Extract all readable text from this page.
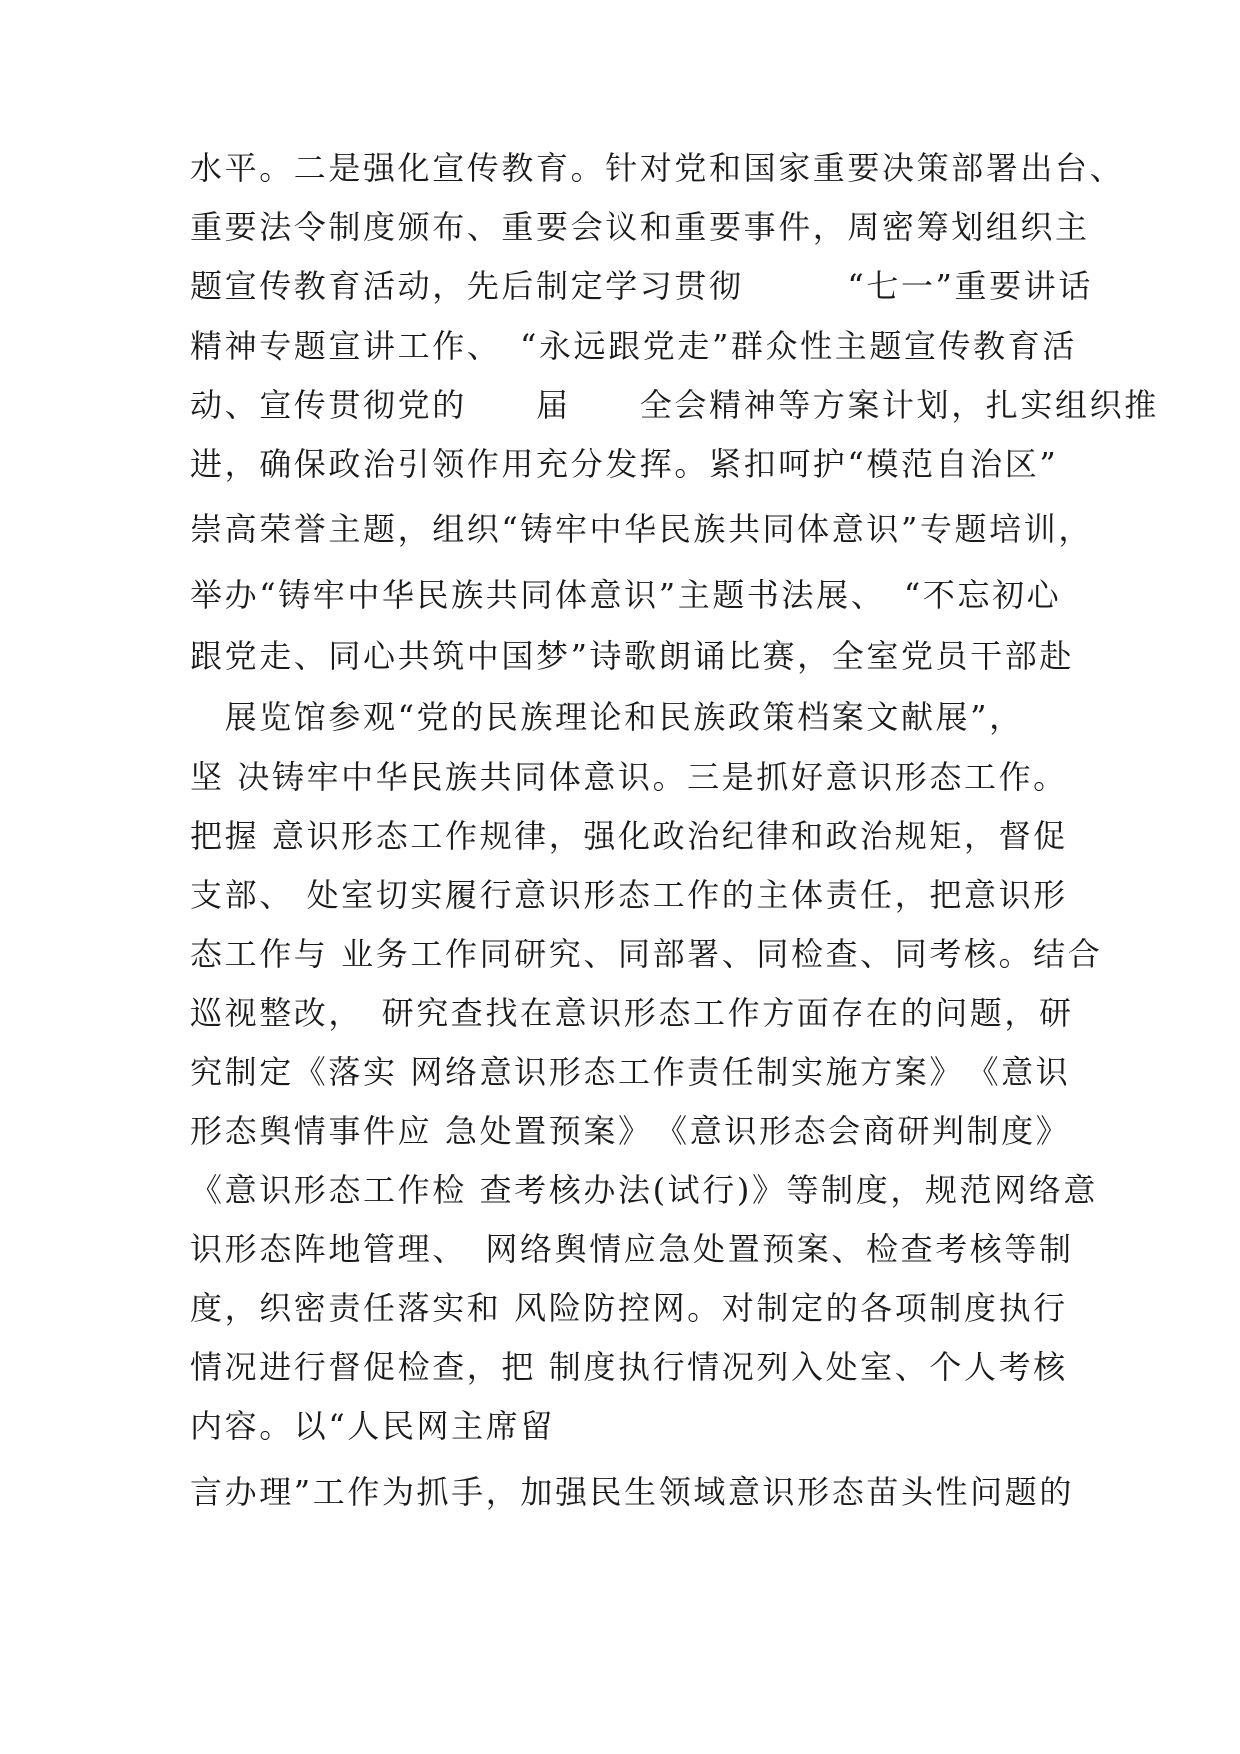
水平。二是强化宣传教育。针对党和国家重要决策部署出台、
重要法令制度颁布、重要会议和重要事件，周密筹划组织主
题宣传教育活动，先后制定学习贯彻　　　“七一”重要讲话
精神专题宣讲工作、　“永远跟党走”群众性主题宣传教育活
动、宣传贯彻党的　　届　　全会精神等方案计划，扎实组织推
进，确保政治引领作用充分发挥。紧扣呵护“模范自治区”
崇高荣誉主题，组织“铸牢中华民族共同体意识”专题培训，
举办“铸牢中华民族共同体意识”主题书法展、　“不忘初心
跟党走、同心共筑中国梦”诗歌朗诵比赛，全室党员干部赴
　展览馆参观“党的民族理论和民族政策档案文献展”，
坚 决铸牢中华民族共同体意识。三是抓好意识形态工作。
把握 意识形态工作规律，强化政治纪律和政治规矩，督促
支部、 处室切实履行意识形态工作的主体责任，把意识形
态工作与 业务工作同研究、同部署、同检查、同考核。结合
巡视整改，　研究查找在意识形态工作方面存在的问题，研
究制定《落实 网络意识形态工作责任制实施方案》　《意识
形态舆情事件应 急处置预案》　《意识形态会商研判制度》
《意识形态工作检 查考核办法(试行)》等制度，规范网络意
识形态阵地管理、　网络舆情应急处置预案、检查考核等制
度，织密责任落实和 风险防控网。对制定的各项制度执行
情况进行督促检查，把 制度执行情况列入处室、个人考核
内容。以“人民网主席留
言办理”工作为抓手，加强民生领域意识形态苗头性问题的
